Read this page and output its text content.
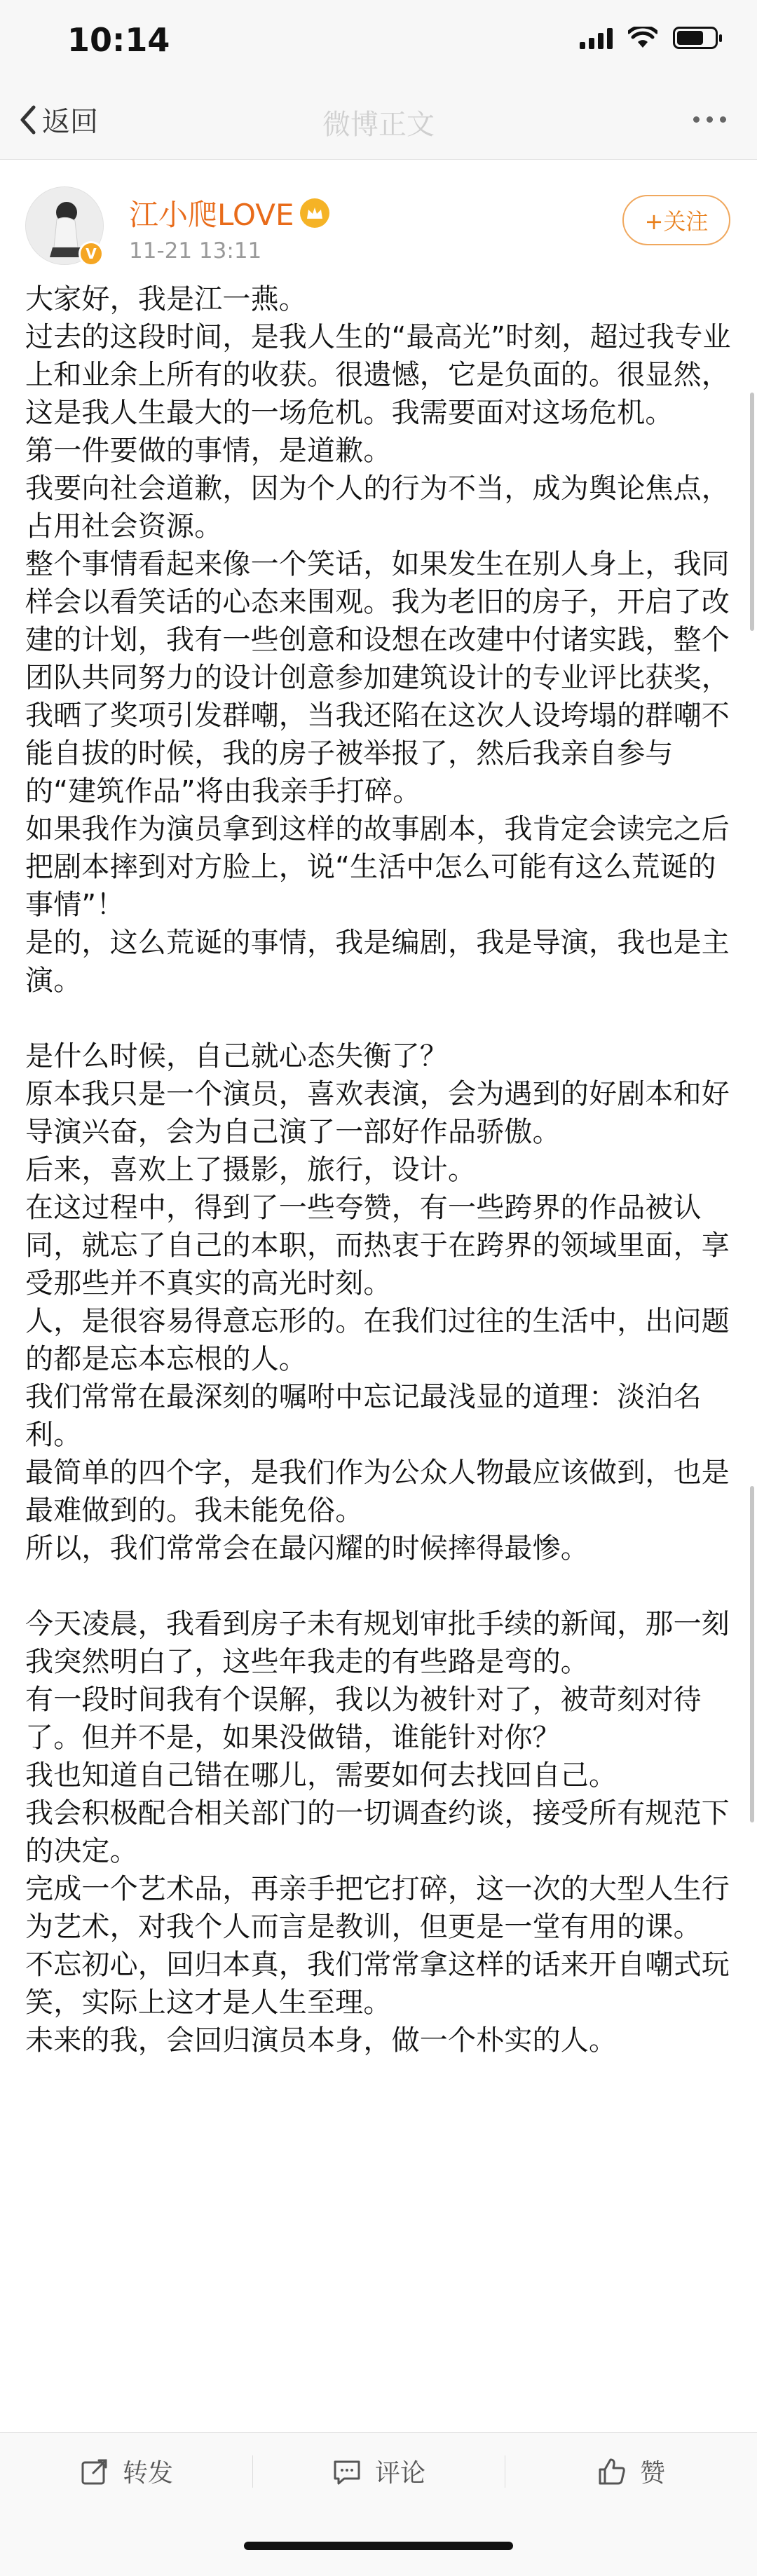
10:14
返回	微博正文
V
江小爬LOVE
11-21 13:11
+关注

大家好，我是江一燕。

过去的这段时间，是我人生的“最高光”时刻，超过我专业上和业余上所有的收获。很遗憾，它是负面的。很显然，这是我人生最大的一场危机。我需要面对这场危机。

第一件要做的事情，是道歉。

我要向社会道歉，因为个人的行为不当，成为舆论焦点，占用社会资源。

整个事情看起来像一个笑话，如果发生在别人身上，我同样会以看笑话的心态来围观。我为老旧的房子，开启了改建的计划，我有一些创意和设想在改建中付诸实践，整个团队共同努力的设计创意参加建筑设计的专业评比获奖，我晒了奖项引发群嘲，当我还陷在这次人设垮塌的群嘲不能自拔的时候，我的房子被举报了，然后我亲自参与的“建筑作品”将由我亲手打碎。

如果我作为演员拿到这样的故事剧本，我肯定会读完之后把剧本摔到对方脸上，说“生活中怎么可能有这么荒诞的事情”！

是的，这么荒诞的事情，我是编剧，我是导演，我也是主演。

是什么时候，自己就心态失衡了？

原本我只是一个演员，喜欢表演，会为遇到的好剧本和好导演兴奋，会为自己演了一部好作品骄傲。

后来，喜欢上了摄影，旅行，设计。

在这过程中，得到了一些夸赞，有一些跨界的作品被认同，就忘了自己的本职，而热衷于在跨界的领域里面，享受那些并不真实的高光时刻。

人，是很容易得意忘形的。在我们过往的生活中，出问题的都是忘本忘根的人。

我们常常在最深刻的嘱咐中忘记最浅显的道理：淡泊名利。

最简单的四个字，是我们作为公众人物最应该做到，也是最难做到的。我未能免俗。

所以，我们常常会在最闪耀的时候摔得最惨。

今天凌晨，我看到房子未有规划审批手续的新闻，那一刻我突然明白了，这些年我走的有些路是弯的。

有一段时间我有个误解，我以为被针对了，被苛刻对待了。但并不是，如果没做错，谁能针对你？

我也知道自己错在哪儿，需要如何去找回自己。

我会积极配合相关部门的一切调查约谈，接受所有规范下的决定。

完成一个艺术品，再亲手把它打碎，这一次的大型人生行为艺术，对我个人而言是教训，但更是一堂有用的课。

不忘初心，回归本真，我们常常拿这样的话来开自嘲式玩笑，实际上这才是人生至理。

未来的我，会回归演员本身，做一个朴实的人。

转发	评论	赞
